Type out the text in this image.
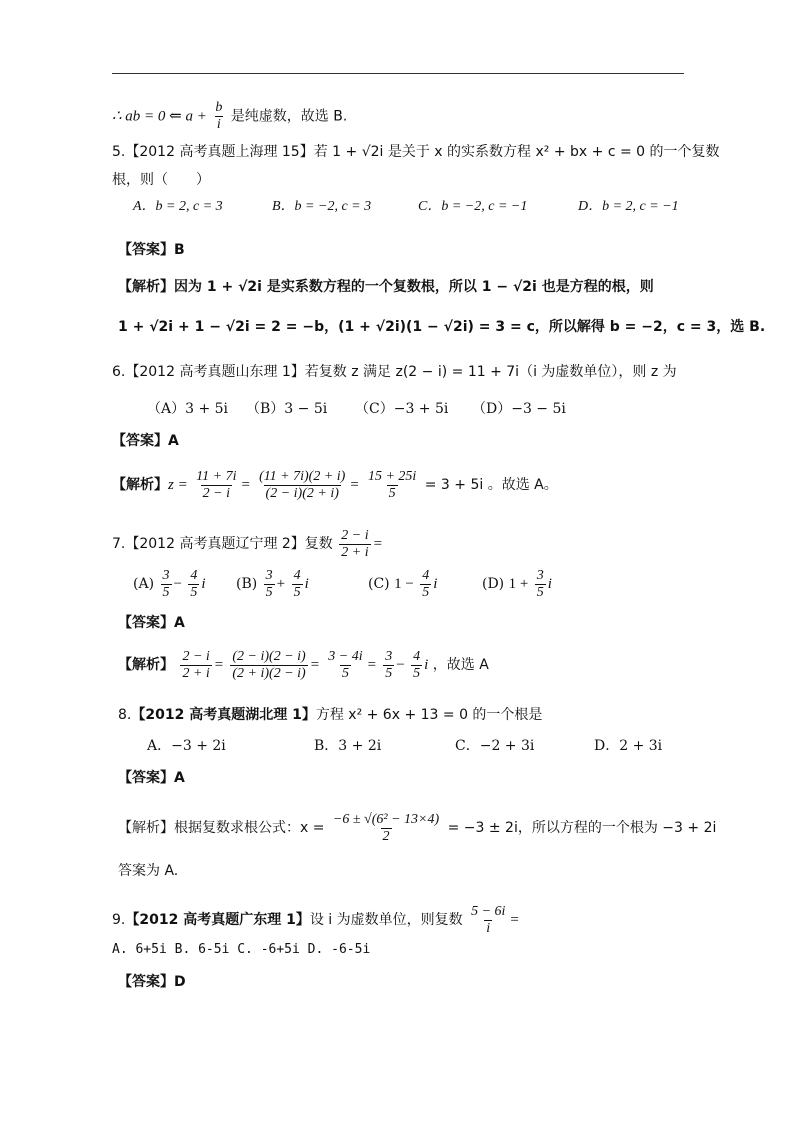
∴ ab = 0 ⇐ $a + \frac{b}{i}$ 是纯虚数，故选 B.
5.【2012 高考真题上海理 15】若 1 + √2i 是关于 x 的实系数方程 x² + bx + c = 0 的一个复数
根，则（　　）
A．b = 2, c = 3	B．b = −2, c = 3	C．b = −2, c = −1	D．b = 2, c = −1
【答案】B
【解析】因为 1 + √2i 是实系数方程的一个复数根，所以 1 − √2i 也是方程的根，则
1 + √2i + 1 − √2i = 2 = −b，(1 + √2i)(1 − √2i) = 3 = c，所以解得 b = −2，c = 3，选 B.
6.【2012 高考真题山东理 1】若复数 z 满足 z(2 − i) = 11 + 7i（i 为虚数单位），则 z 为
（A）3 + 5i （B）3 − 5i （C）−3 + 5i （D）−3 − 5i
【答案】A
【解析】$z = \frac{11 + 7i}{2 - i} = \frac{(11 + 7i)(2 + i)}{(2 - i)(2 + i)} = \frac{15 + 25i}{5} = 3 + 5i$ 。故选 A。
7.【2012 高考真题辽宁理 2】复数 $\frac{2 - i}{2 + i}$ =
$(A) \frac{3}{5} - \frac{4}{5}$ i $(B) \frac{3}{5} + \frac{4}{5}$ i	(C) $1 - \frac{4}{5}$ i	(D) $1 + \frac{3}{5}$ i
【答案】A
【解析】 $\frac{2 - i}{2 + i} = \frac{(2 - i)(2 - i)}{(2 + i)(2 - i)} = \frac{3 - 4i}{5} = \frac{3}{5} - \frac{4}{5}$ i ，故选 A
8.【2012 高考真题湖北理 1】方程 x² + 6x + 13 = 0 的一个根是
A．−3 + 2i	B．3 + 2i	C．−2 + 3i	D．2 + 3i
【答案】A
【解析】根据复数求根公式：$x = \frac{\text{−6 ± √(6² − 13×4)}}{2} = -3 \pm 2i$，所以方程的一个根为 −3 + 2i
答案为 A.
9.【2012 高考真题广东理 1】设 i 为虚数单位，则复数 $\frac{5 - 6i}{i}$ =
A. 6+5i B. 6-5i C. -6+5i D. -6-5i
【答案】D
